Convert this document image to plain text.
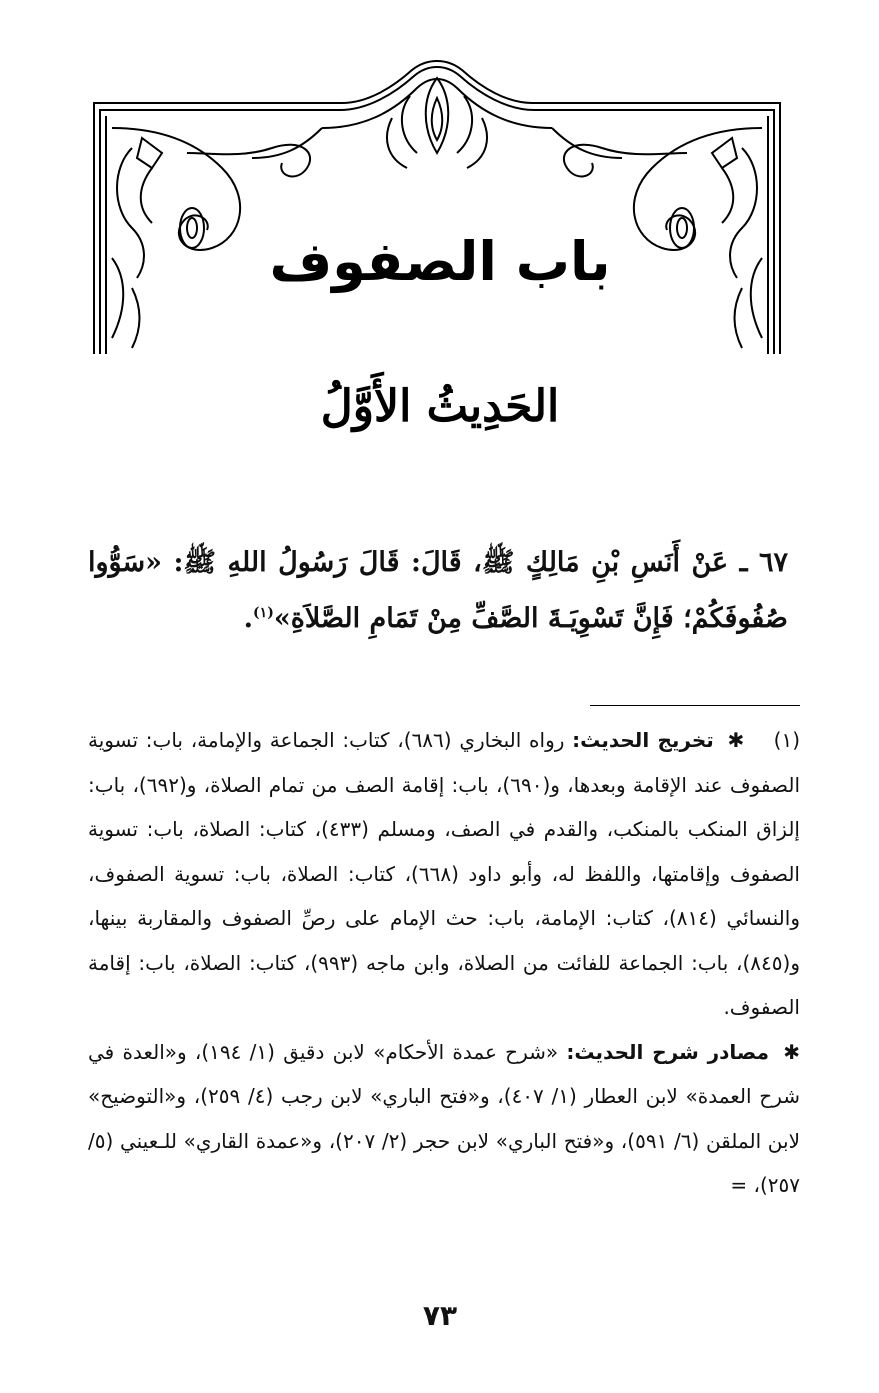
باب الصفوف
الحَدِيثُ الأَوَّلُ
٦٧ ـ عَنْ أَنَسِ بْنِ مَالِكٍ ﷺ، قَالَ: قَالَ رَسُولُ اللهِ ﷺ: «سَوُّوا صُفُوفَكُمْ؛ فَإِنَّ تَسْوِيَـةَ الصَّفِّ مِنْ تَمَامِ الصَّلاَةِ»$^{(١)}$.

(١) ✱ تخريج الحديث: رواه البخاري (٦٨٦)، كتاب: الجماعة والإمامة، باب: تسوية الصفوف عند الإقامة وبعدها، و(٦٩٠)، باب: إقامة الصف من تمام الصلاة، و(٦٩٢)، باب: إلزاق المنكب بالمنكب، والقدم في الصف، ومسلم (٤٣٣)، كتاب: الصلاة، باب: تسوية الصفوف وإقامتها، واللفظ له، وأبو داود (٦٦٨)، كتاب: الصلاة، باب: تسوية الصفوف، والنسائي (٨١٤)، كتاب: الإمامة، باب: حث الإمام على رصِّ الصفوف والمقاربة بينها، و(٨٤٥)، باب: الجماعة للفائت من الصلاة، وابن ماجه (٩٩٣)، كتاب: الصلاة، باب: إقامة الصفوف.

✱ مصادر شرح الحديث: «شرح عمدة الأحكام» لابن دقيق (١/ ١٩٤)، و«العدة في شرح العمدة» لابن العطار (١/ ٤٠٧)، و«فتح الباري» لابن رجب (٤/ ٢٥٩)، و«التوضيح» لابن الملقن (٦/ ٥٩١)، و«فتح الباري» لابن حجر (٢/ ٢٠٧)، و«عمدة القاري» للـعيني (٥/ ٢٥٧)، =

٧٣
